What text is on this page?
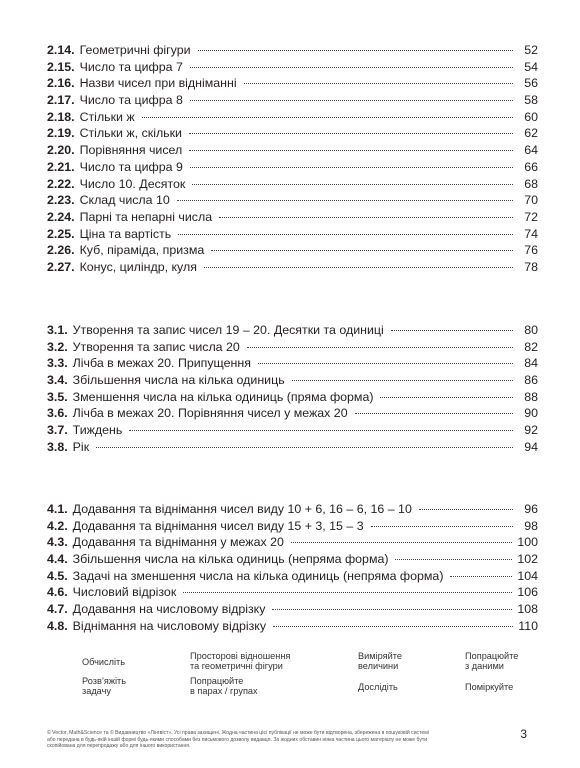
2.14. Геометричні фігури	52
2.15. Число та цифра 7	54
2.16. Назви чисел при відніманні	56
2.17. Число та цифра 8	58
2.18. Стільки ж	60
2.19. Стільки ж, скільки	62
2.20. Порівняння чисел	64
2.21. Число та цифра 9	66
2.22. Число 10. Десяток	68
2.23. Склад числа 10	70
2.24. Парні та непарні числа	72
2.25. Ціна та вартість	74
2.26. Куб, піраміда, призма	76
2.27. Конус, циліндр, куля	78
3.1. Утворення та запис чисел 19 – 20. Десятки та одиниці	80
3.2. Утворення та запис числа 20	82
3.3. Лічба в межах 20. Припущення	84
3.4. Збільшення числа на кілька одиниць	86
3.5. Зменшення числа на кілька одиниць (пряма форма)	88
3.6. Лічба в межах 20. Порівняння чисел у межах 20	90
3.7. Тиждень	92
3.8. Рік	94
4.1. Додавання та віднімання чисел виду 10 + 6, 16 – 6, 16 – 10	96
4.2. Додавання та віднімання чисел виду 15 + 3, 15 – 3	98
4.3. Додавання та віднімання у межах 20	100
4.4. Збільшення числа на кілька одиниць (непряма форма)	102
4.5. Задачі на зменшення числа на кілька одиниць (непряма форма)	104
4.6. Числовий відрізок	106
4.7. Додавання на числовому відрізку	108
4.8. Віднімання на числовому відрізку	110
Обчисліть
Просторові відношення
та геометричні фігури
Виміряйте
величини
Попрацюйте
з даними
Розв’яжіть
задачу
Попрацюйте
в парах / групах	Дослідіть	Поміркуйте
3
© Vector, Math&Science та © Видавництво «Лінгвіст». Усі права захищені. Жодна частина цієї публікації не може бути відтворена, збережена в пошуковій системі
або передана в будь-якій іншій формі будь-якими способами без письмового дозволу видавця. За жодних обставин ніяка частина цього матеріалу не може бути
скопійована для перепродажу або для іншого використання.
